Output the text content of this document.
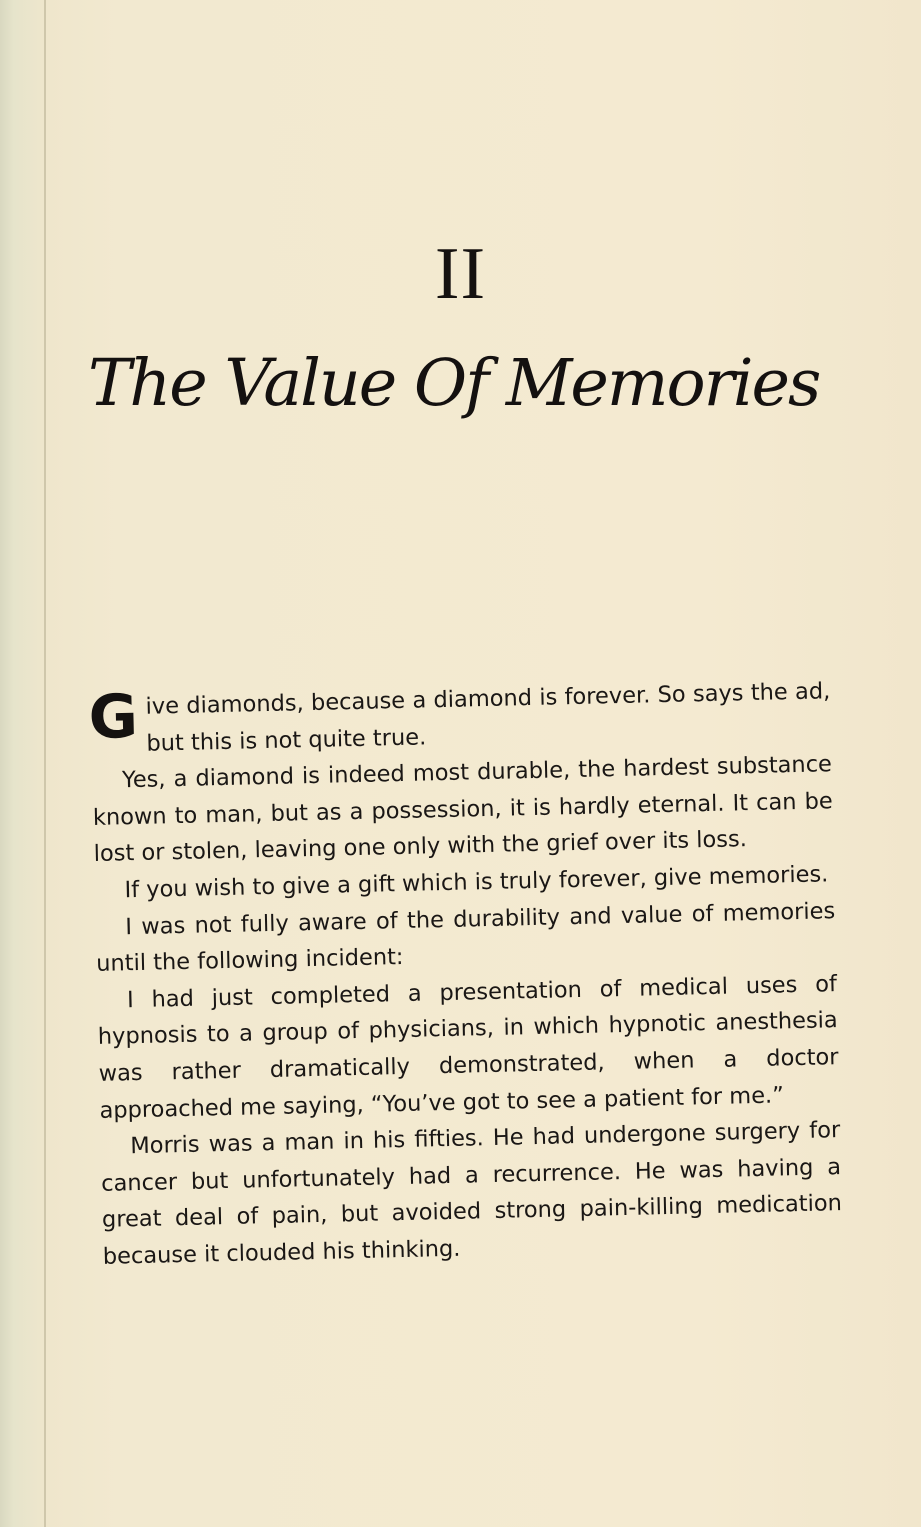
II
The Value Of Memories

Give diamonds, because a diamond is forever. So says the ad, but this is not quite true.

Yes, a diamond is indeed most durable, the hardest substance known to man, but as a possession, it is hardly eternal. It can be lost or stolen, leaving one only with the grief over its loss.

If you wish to give a gift which is truly forever, give memories.

I was not fully aware of the durability and value of memories until the following incident:

I had just completed a presentation of medical uses of hypnosis to a group of physicians, in which hypnotic anesthesia was rather dramatically demonstrated, when a doctor approached me saying, “You’ve got to see a patient for me.”

Morris was a man in his fifties. He had undergone surgery for cancer but unfortunately had a recurrence. He was having a great deal of pain, but avoided strong pain-killing medication because it clouded his thinking.
